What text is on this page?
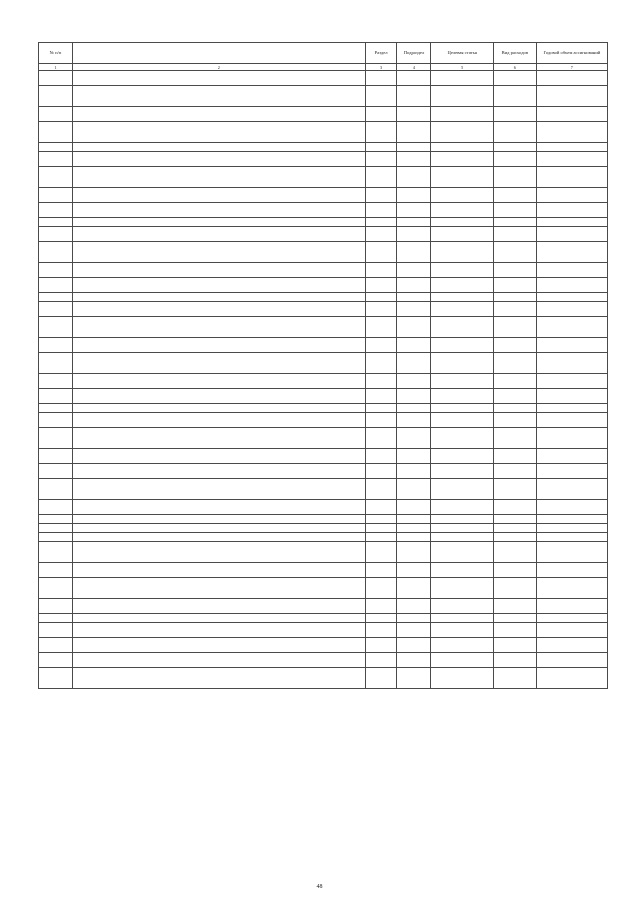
№ п/п		Раздел	Подраздел	Целевая статья	Вид расходов	Годовой объем ассигнований
1	2	3	4	5	6	7

48
